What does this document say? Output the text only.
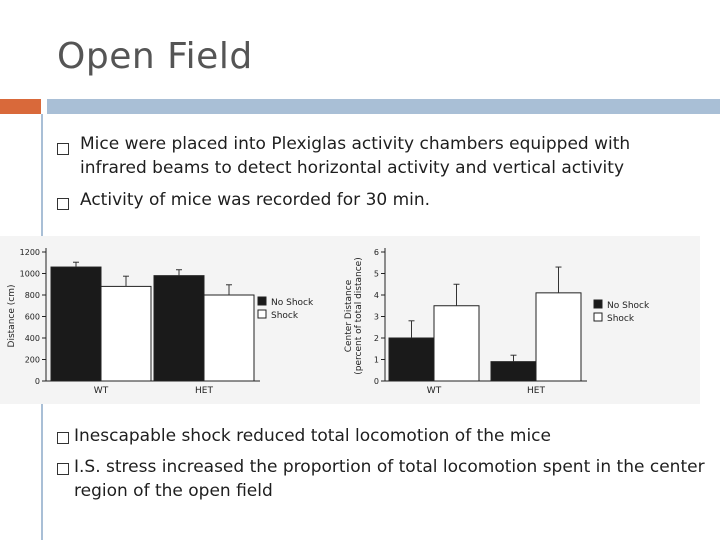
Open Field
Mice were placed into Plexiglas activity chambers equipped with infrared beams to detect horizontal activity and vertical activity
Activity of mice was recorded for 30 min.
0
200
400
600
800
1000
1200
Distance (cm)
WT	HET
No Shock
Shock
0
1
2
3
4
5
6
Center Distance (percent of total distance)
WT	HET
No Shock
Shock
Inescapable shock reduced total locomotion of the mice
I.S. stress increased the proportion of total locomotion spent in the center region of the open field
